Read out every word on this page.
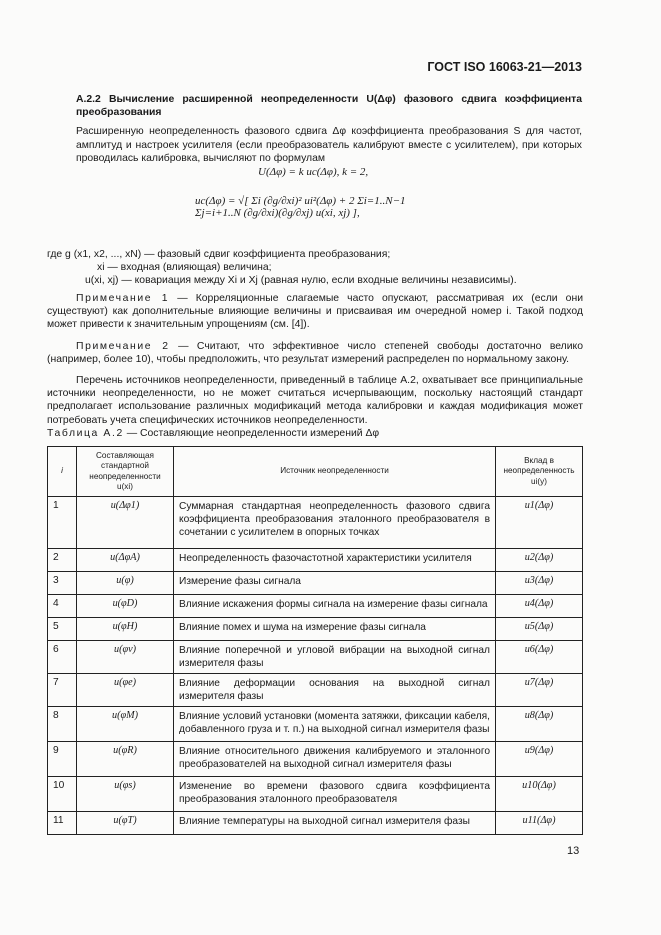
ГОСТ ISO 16063-21—2013

A.2.2 Вычисление расширенной неопределенности U(Δφ) фазового сдвига коэффициента преобразования

Расширенную неопределенность фазового сдвига Δφ коэффициента преобразования S для частот, амплитуд и настроек усилителя (если преобразователь калибруют вместе с усилителем), при которых проводилась калибровка, вычисляют по формулам

U(Δφ) = k uc(Δφ), k = 2,
uc(Δφ) = √[ Σi (∂g/∂xi)² ui²(Δφ) + 2 Σi=1..N−1 Σj=i+1..N (∂g/∂xi)(∂g/∂xj) u(xi, xj) ],
где g (x1, x2, ..., xN) — фазовый сдвиг коэффициента преобразования;
xi — входная (влияющая) величина;
u(xi, xj) — ковариация между Xi и Xj (равная нулю, если входные величины независимы).

Примечание 1 — Корреляционные слагаемые часто опускают, рассматривая их (если они существуют) как дополнительные влияющие величины и присваивая им очередной номер i. Такой подход может привести к значительным упрощениям (см. [4]).

Примечание 2 — Считают, что эффективное число степеней свободы достаточно велико (например, более 10), чтобы предположить, что результат измерений распределен по нормальному закону.

Перечень источников неопределенности, приведенный в таблице А.2, охватывает все принципиальные источники неопределенности, но не может считаться исчерпывающим, поскольку настоящий стандарт предполагает использование различных модификаций метода калибровки и каждая модификация может потребовать учета специфических источников неопределенности.

Таблица А.2 — Составляющие неопределенности измерений Δφ
i	Составляющая стандартной неопределенности u(xi)	Источник неопределенности	Вклад в неопределенность ui(y)
1	u(Δφ1)	Суммарная стандартная неопределенность фазового сдвига коэффициента преобразования эталонного преобразователя в сочетании с усилителем в опорных точках	u1(Δφ)
2	u(ΔφA)	Неопределенность фазочастотной характеристики усилителя	u2(Δφ)
3	u(φ)	Измерение фазы сигнала	u3(Δφ)
4	u(φD)	Влияние искажения формы сигнала на измерение фазы сигнала	u4(Δφ)
5	u(φH)	Влияние помех и шума на измерение фазы сигнала	u5(Δφ)
6	u(φv)	Влияние поперечной и угловой вибрации на выходной сигнал измерителя фазы	u6(Δφ)
7	u(φe)	Влияние деформации основания на выходной сигнал измерителя фазы	u7(Δφ)
8	u(φM)	Влияние условий установки (момента затяжки, фиксации кабеля, добавленного груза и т. п.) на выходной сигнал измерителя фазы	u8(Δφ)
9	u(φR)	Влияние относительного движения калибруемого и эталонного преобразователей на выходной сигнал измерителя фазы	u9(Δφ)
10	u(φs)	Изменение во времени фазового сдвига коэффициента преобразования эталонного преобразователя	u10(Δφ)
11	u(φT)	Влияние температуры на выходной сигнал измерителя фазы	u11(Δφ)
13
